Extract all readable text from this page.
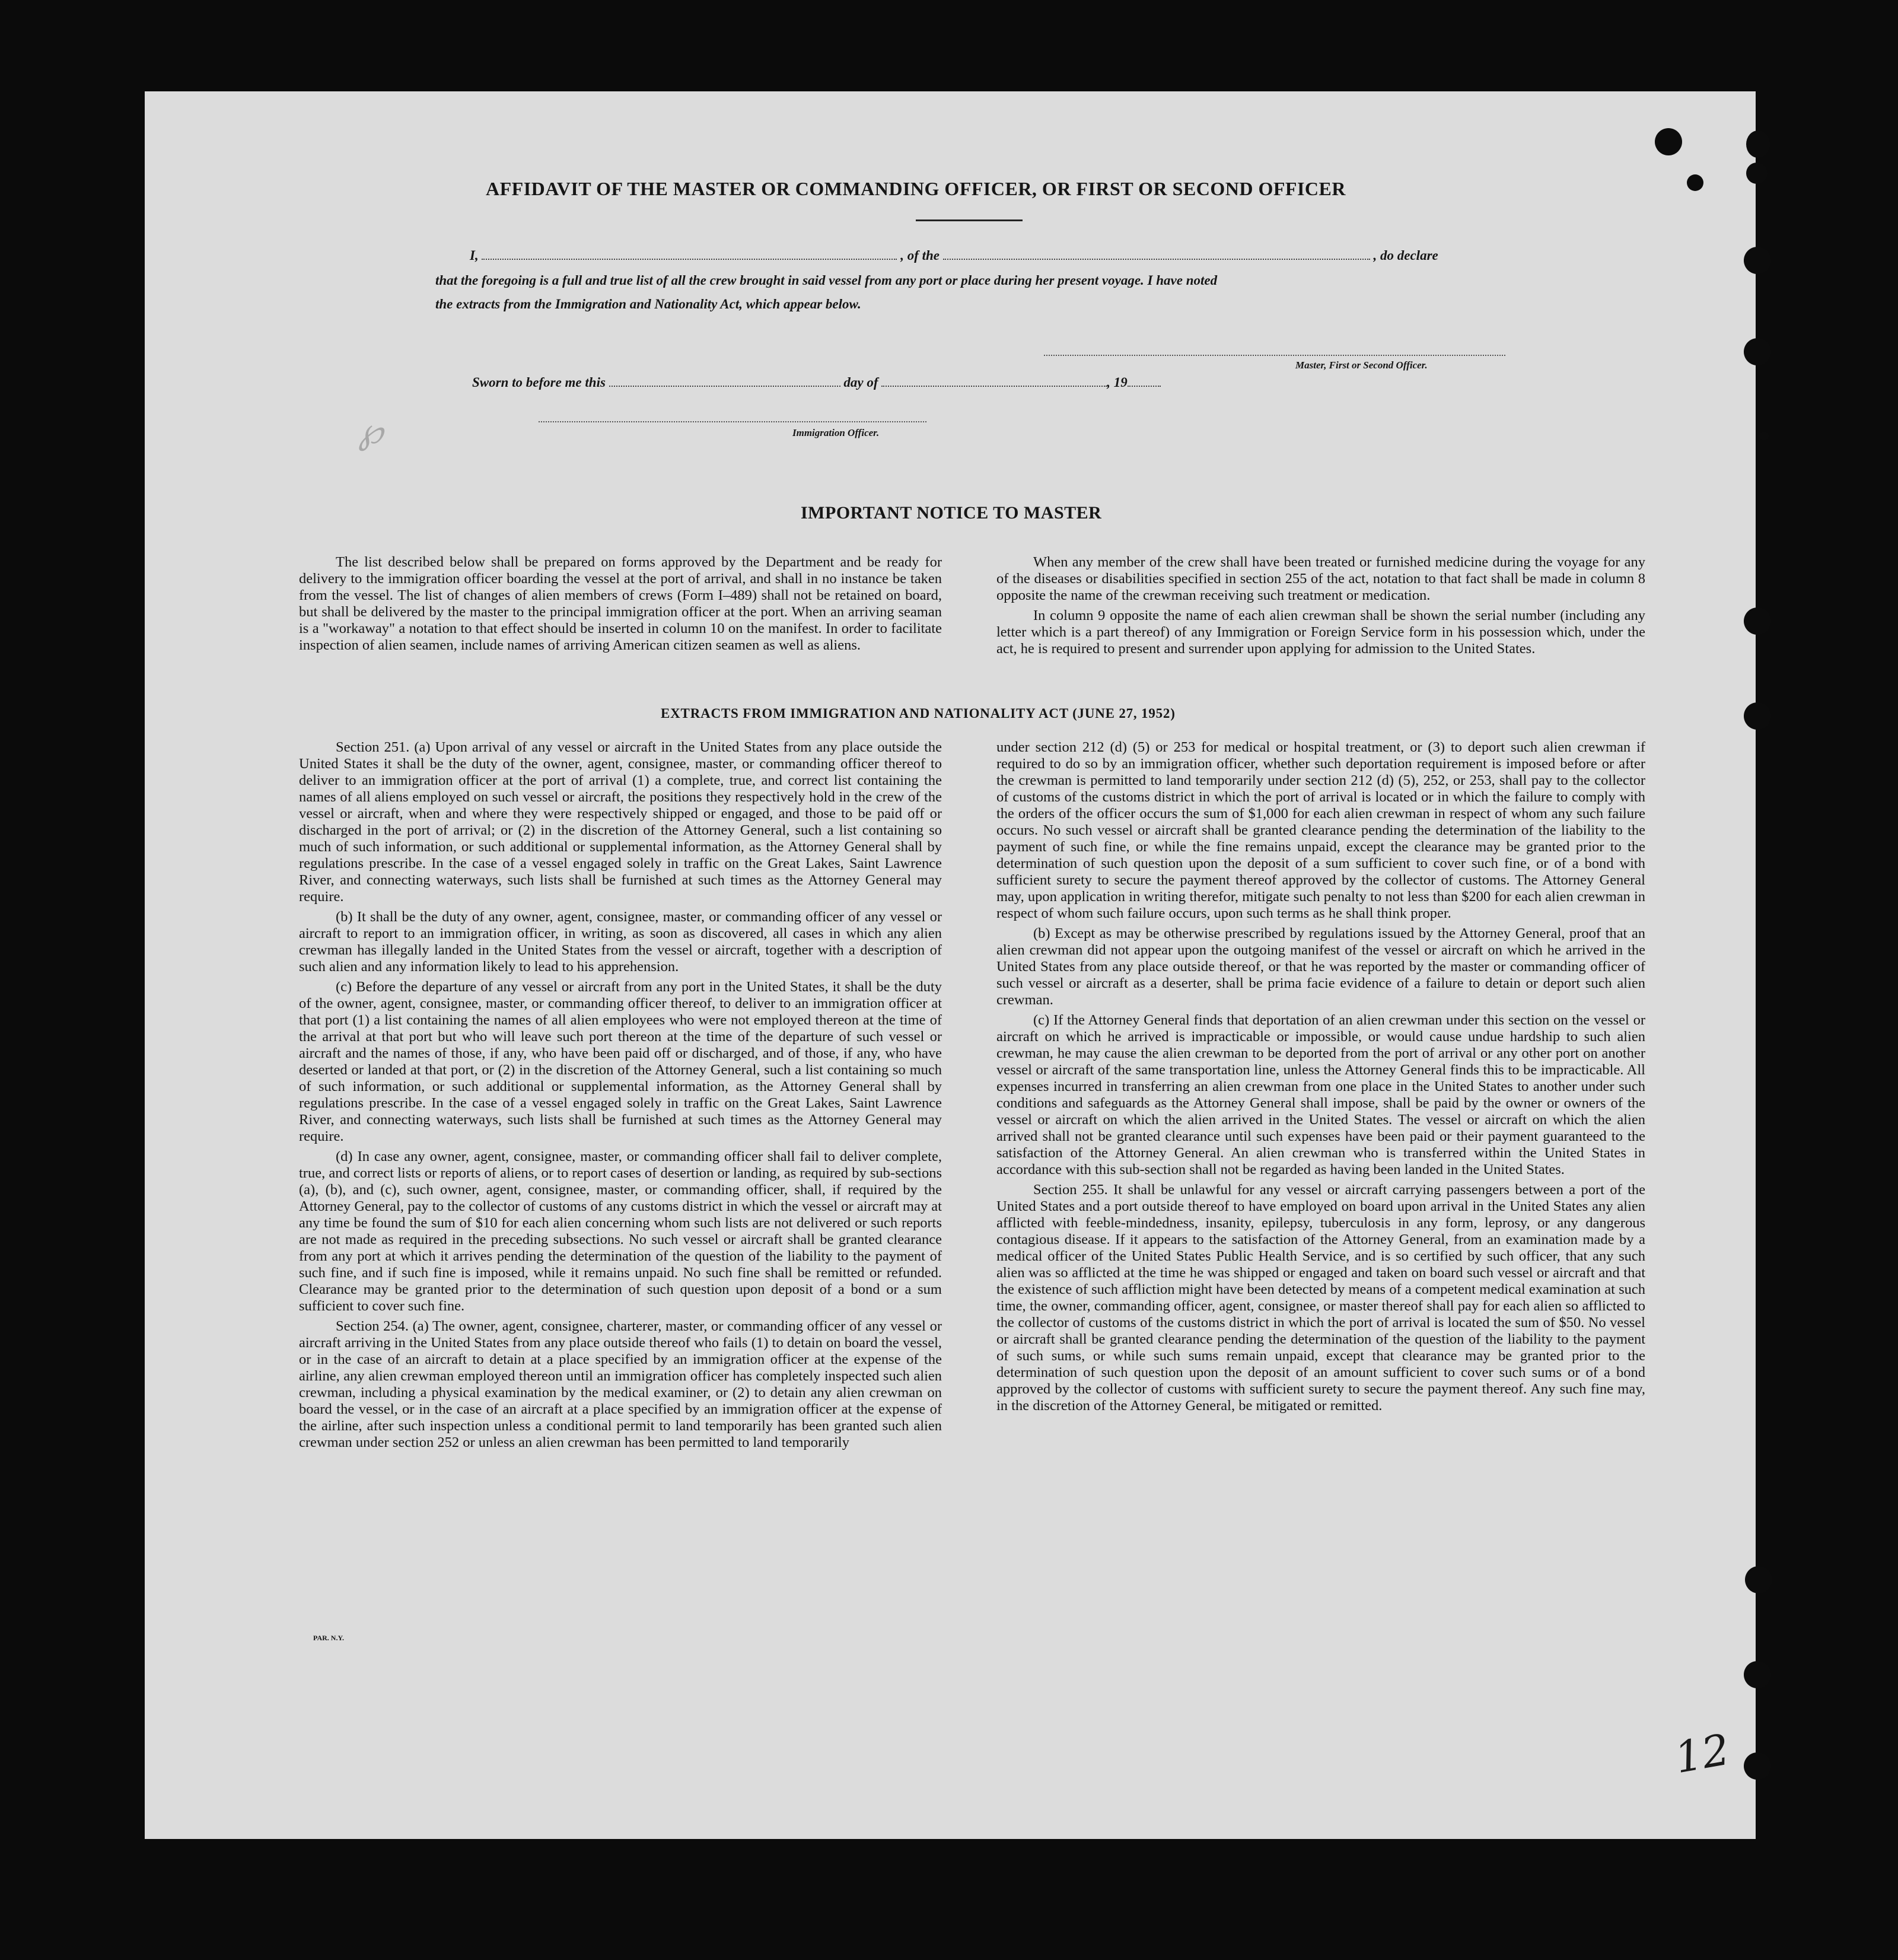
AFFIDAVIT OF THE MASTER OR COMMANDING OFFICER, OR FIRST OR SECOND OFFICER
I,	, of the	, do declare
that the foregoing is a full and true list of all the crew brought in said vessel from any port or place during her present voyage. I have noted
the extracts from the Immigration and Nationality Act, which appear below.
Master, First or Second Officer.
Sworn to before me this	day of	, 19
Immigration Officer.
℘
IMPORTANT NOTICE TO MASTER

The list described below shall be prepared on forms approved by the Department and be ready for delivery to the immigration officer boarding the vessel at the port of arrival, and shall in no instance be taken from the vessel. The list of changes of alien members of crews (Form I–489) shall not be retained on board, but shall be delivered by the master to the principal immigration officer at the port. When an arriving seaman is a "workaway" a notation to that effect should be inserted in column 10 on the manifest. In order to facilitate inspection of alien seamen, include names of arriving American citizen seamen as well as aliens.

When any member of the crew shall have been treated or furnished medicine during the voyage for any of the diseases or disabilities specified in section 255 of the act, notation to that fact shall be made in column 8 opposite the name of the crewman receiving such treatment or medication.

In column 9 opposite the name of each alien crewman shall be shown the serial number (including any letter which is a part thereof) of any Immigration or Foreign Service form in his possession which, under the act, he is required to present and surrender upon applying for admission to the United States.

EXTRACTS FROM IMMIGRATION AND NATIONALITY ACT (JUNE 27, 1952)

Section 251. (a) Upon arrival of any vessel or aircraft in the United States from any place outside the United States it shall be the duty of the owner, agent, consignee, master, or commanding officer thereof to deliver to an immigration officer at the port of arrival (1) a complete, true, and correct list containing the names of all aliens employed on such vessel or aircraft, the positions they respectively hold in the crew of the vessel or aircraft, when and where they were respectively shipped or engaged, and those to be paid off or discharged in the port of arrival; or (2) in the discretion of the Attorney General, such a list containing so much of such information, or such additional or supplemental information, as the Attorney General shall by regulations prescribe. In the case of a vessel engaged solely in traffic on the Great Lakes, Saint Lawrence River, and connecting waterways, such lists shall be furnished at such times as the Attorney General may require.

(b) It shall be the duty of any owner, agent, consignee, master, or commanding officer of any vessel or aircraft to report to an immigration officer, in writing, as soon as discovered, all cases in which any alien crewman has illegally landed in the United States from the vessel or aircraft, together with a description of such alien and any information likely to lead to his apprehension.

(c) Before the departure of any vessel or aircraft from any port in the United States, it shall be the duty of the owner, agent, consignee, master, or commanding officer thereof, to deliver to an immigration officer at that port (1) a list containing the names of all alien employees who were not employed thereon at the time of the arrival at that port but who will leave such port thereon at the time of the departure of such vessel or aircraft and the names of those, if any, who have been paid off or discharged, and of those, if any, who have deserted or landed at that port, or (2) in the discretion of the Attorney General, such a list containing so much of such information, or such additional or supplemental information, as the Attorney General shall by regulations prescribe. In the case of a vessel engaged solely in traffic on the Great Lakes, Saint Lawrence River, and connecting waterways, such lists shall be furnished at such times as the Attorney General may require.

(d) In case any owner, agent, consignee, master, or commanding officer shall fail to deliver complete, true, and correct lists or reports of aliens, or to report cases of desertion or landing, as required by sub-sections (a), (b), and (c), such owner, agent, consignee, master, or commanding officer, shall, if required by the Attorney General, pay to the collector of customs of any customs district in which the vessel or aircraft may at any time be found the sum of $10 for each alien concerning whom such lists are not delivered or such reports are not made as required in the preceding subsections. No such vessel or aircraft shall be granted clearance from any port at which it arrives pending the determination of the question of the liability to the payment of such fine, and if such fine is imposed, while it remains unpaid. No such fine shall be remitted or refunded. Clearance may be granted prior to the determination of such question upon deposit of a bond or a sum sufficient to cover such fine.

Section 254. (a) The owner, agent, consignee, charterer, master, or commanding officer of any vessel or aircraft arriving in the United States from any place outside thereof who fails (1) to detain on board the vessel, or in the case of an aircraft to detain at a place specified by an immigration officer at the expense of the airline, any alien crewman employed thereon until an immigration officer has completely inspected such alien crewman, including a physical examination by the medical examiner, or (2) to detain any alien crewman on board the vessel, or in the case of an aircraft at a place specified by an immigration officer at the expense of the airline, after such inspection unless a conditional permit to land temporarily has been granted such alien crewman under section 252 or unless an alien crewman has been permitted to land temporarily

under section 212 (d) (5) or 253 for medical or hospital treatment, or (3) to deport such alien crewman if required to do so by an immigration officer, whether such deportation requirement is imposed before or after the crewman is permitted to land temporarily under section 212 (d) (5), 252, or 253, shall pay to the collector of customs of the customs district in which the port of arrival is located or in which the failure to comply with the orders of the officer occurs the sum of $1,000 for each alien crewman in respect of whom any such failure occurs. No such vessel or aircraft shall be granted clearance pending the determination of the liability to the payment of such fine, or while the fine remains unpaid, except the clearance may be granted prior to the determination of such question upon the deposit of a sum sufficient to cover such fine, or of a bond with sufficient surety to secure the payment thereof approved by the collector of customs. The Attorney General may, upon application in writing therefor, mitigate such penalty to not less than $200 for each alien crewman in respect of whom such failure occurs, upon such terms as he shall think proper.

(b) Except as may be otherwise prescribed by regulations issued by the Attorney General, proof that an alien crewman did not appear upon the outgoing manifest of the vessel or aircraft on which he arrived in the United States from any place outside thereof, or that he was reported by the master or commanding officer of such vessel or aircraft as a deserter, shall be prima facie evidence of a failure to detain or deport such alien crewman.

(c) If the Attorney General finds that deportation of an alien crewman under this section on the vessel or aircraft on which he arrived is impracticable or impossible, or would cause undue hardship to such alien crewman, he may cause the alien crewman to be deported from the port of arrival or any other port on another vessel or aircraft of the same transportation line, unless the Attorney General finds this to be impracticable. All expenses incurred in transferring an alien crewman from one place in the United States to another under such conditions and safeguards as the Attorney General shall impose, shall be paid by the owner or owners of the vessel or aircraft on which the alien arrived in the United States. The vessel or aircraft on which the alien arrived shall not be granted clearance until such expenses have been paid or their payment guaranteed to the satisfaction of the Attorney General. An alien crewman who is transferred within the United States in accordance with this sub-section shall not be regarded as having been landed in the United States.

Section 255. It shall be unlawful for any vessel or aircraft carrying passengers between a port of the United States and a port outside thereof to have employed on board upon arrival in the United States any alien afflicted with feeble-mindedness, insanity, epilepsy, tuberculosis in any form, leprosy, or any dangerous contagious disease. If it appears to the satisfaction of the Attorney General, from an examination made by a medical officer of the United States Public Health Service, and is so certified by such officer, that any such alien was so afflicted at the time he was shipped or engaged and taken on board such vessel or aircraft and that the existence of such affliction might have been detected by means of a competent medical examination at such time, the owner, commanding officer, agent, consignee, or master thereof shall pay for each alien so afflicted to the collector of customs of the customs district in which the port of arrival is located the sum of $50. No vessel or aircraft shall be granted clearance pending the determination of the question of the liability to the payment of such sums, or while such sums remain unpaid, except that clearance may be granted prior to the determination of such question upon the deposit of an amount sufficient to cover such sums or of a bond approved by the collector of customs with sufficient surety to secure the payment thereof. Any such fine may, in the discretion of the Attorney General, be mitigated or remitted.

PAR. N.Y.
12
